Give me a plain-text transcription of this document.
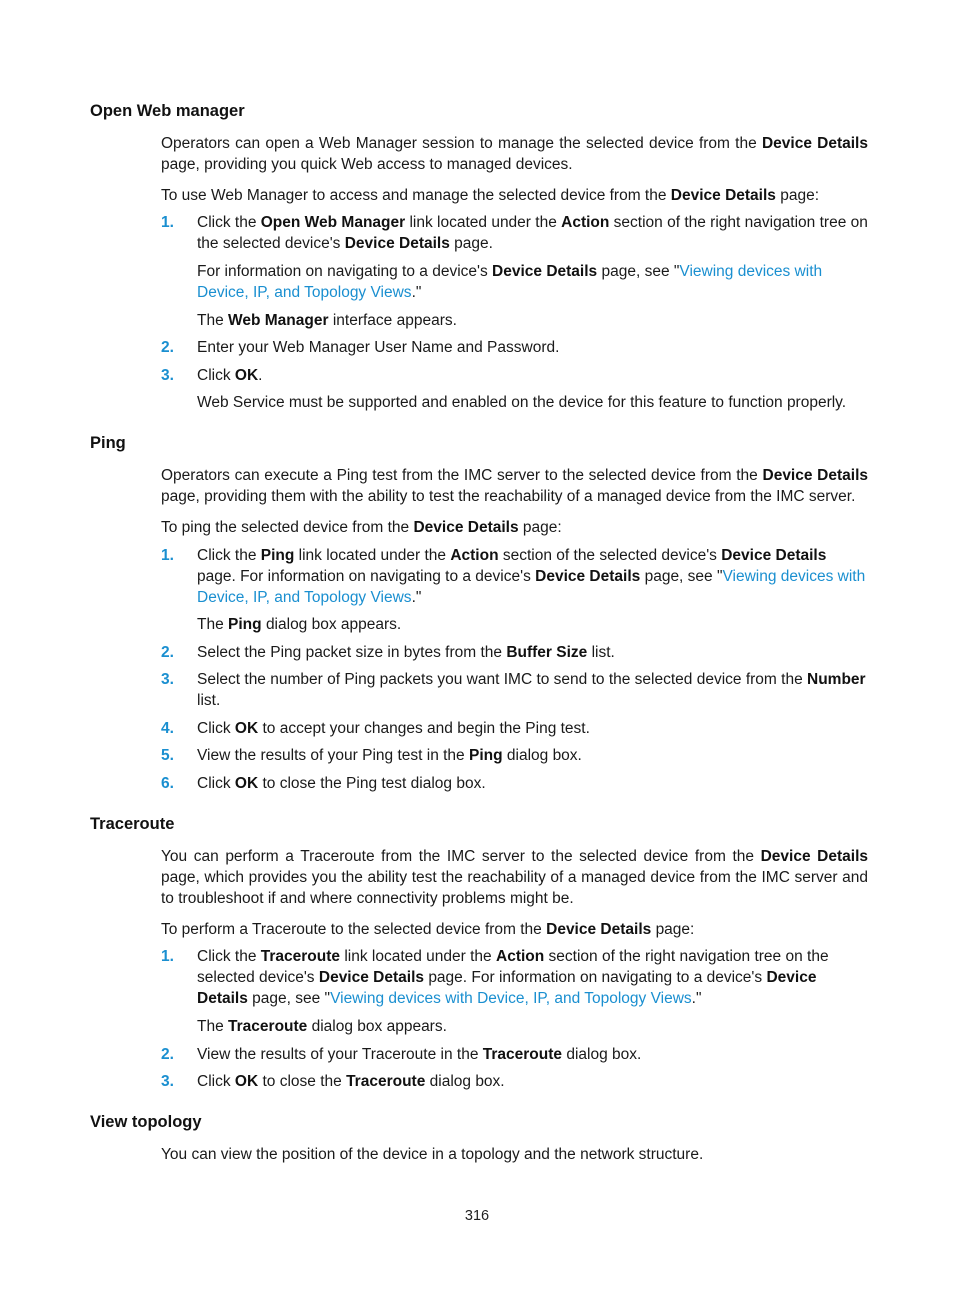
Open Web manager

Operators can open a Web Manager session to manage the selected device from the Device Details page, providing you quick Web access to managed devices.

To use Web Manager to access and manage the selected device from the Device Details page:

1. Click the Open Web Manager link located under the Action section of the right navigation tree on the selected device's Device Details page.

For information on navigating to a device's Device Details page, see "Viewing devices with Device, IP, and Topology Views."

The Web Manager interface appears.

2. Enter your Web Manager User Name and Password.

3. Click OK.

Web Service must be supported and enabled on the device for this feature to function properly.

Ping

Operators can execute a Ping test from the IMC server to the selected device from the Device Details page, providing them with the ability to test the reachability of a managed device from the IMC server.

To ping the selected device from the Device Details page:

1. Click the Ping link located under the Action section of the selected device's Device Details page. For information on navigating to a device's Device Details page, see "Viewing devices with Device, IP, and Topology Views."

The Ping dialog box appears.

2. Select the Ping packet size in bytes from the Buffer Size list.

3. Select the number of Ping packets you want IMC to send to the selected device from the Number list.

4. Click OK to accept your changes and begin the Ping test.

5. View the results of your Ping test in the Ping dialog box.

6. Click OK to close the Ping test dialog box.

Traceroute

You can perform a Traceroute from the IMC server to the selected device from the Device Details page, which provides you the ability test the reachability of a managed device from the IMC server and to troubleshoot if and where connectivity problems might be.

To perform a Traceroute to the selected device from the Device Details page:

1. Click the Traceroute link located under the Action section of the right navigation tree on the selected device's Device Details page. For information on navigating to a device's Device Details page, see "Viewing devices with Device, IP, and Topology Views."

The Traceroute dialog box appears.

2. View the results of your Traceroute in the Traceroute dialog box.

3. Click OK to close the Traceroute dialog box.

View topology

You can view the position of the device in a topology and the network structure.

316
